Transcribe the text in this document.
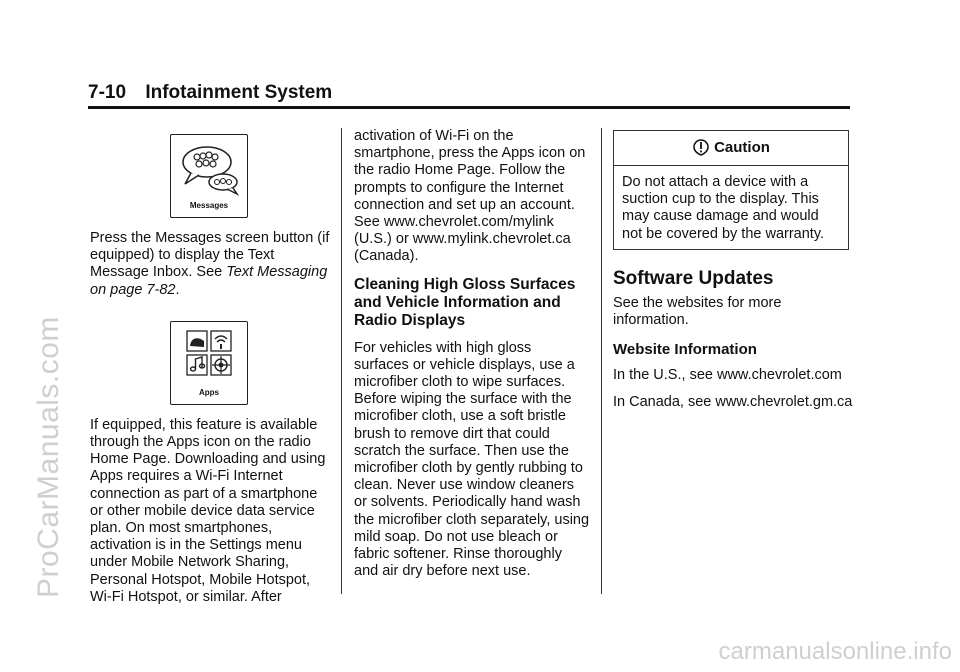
7-10 Infotainment System
ProCarManuals.com
carmanualsonline.info
Messages

Press the Messages screen button (if equipped) to display the Text Message Inbox. See Text Messaging on page 7-82.

Apps

If equipped, this feature is available through the Apps icon on the radio Home Page. Downloading and using Apps requires a Wi-Fi Internet connection as part of a smartphone or other mobile device data service plan. On most smartphones, activation is in the Settings menu under Mobile Network Sharing, Personal Hotspot, Mobile Hotspot, Wi-Fi Hotspot, or similar. After

activation of Wi-Fi on the smartphone, press the Apps icon on the radio Home Page. Follow the prompts to configure the Internet connection and set up an account. See www.chevrolet.com/mylink (U.S.) or www.mylink.chevrolet.ca (Canada).

Cleaning High Gloss Surfaces and Vehicle Information and Radio Displays

For vehicles with high gloss surfaces or vehicle displays, use a microfiber cloth to wipe surfaces. Before wiping the surface with the microfiber cloth, use a soft bristle brush to remove dirt that could scratch the surface. Then use the microfiber cloth by gently rubbing to clean. Never use window cleaners or solvents. Periodically hand wash the microfiber cloth separately, using mild soap. Do not use bleach or fabric softener. Rinse thoroughly and air dry before next use.

Caution

Do not attach a device with a suction cup to the display. This may cause damage and would not be covered by the warranty.

Software Updates

See the websites for more information.

Website Information

In the U.S., see www.chevrolet.com

In Canada, see www.chevrolet.gm.ca
